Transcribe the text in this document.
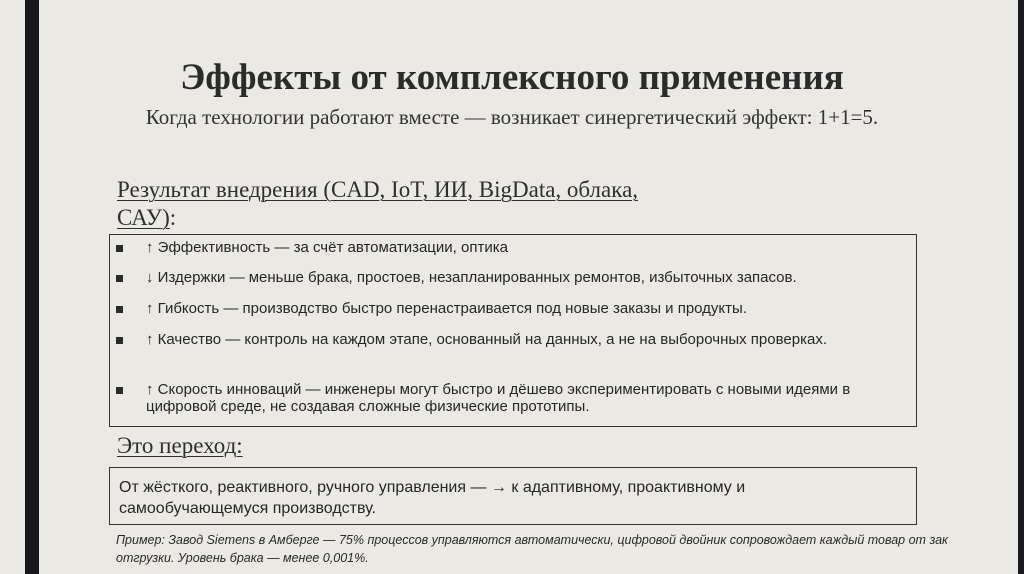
Эффекты от комплексного применения
Когда технологии работают вместе — возникает синергетический эффект: 1+1=5.
Результат внедрения (CAD, IoT, ИИ, BigData, облака,
САУ):
↑ Эффективность — за счёт автоматизации, оптика
↓ Издержки — меньше брака, простоев, незапланированных ремонтов, избыточных запасов.
↑ Гибкость — производство быстро перенастраивается под новые заказы и продукты.
↑ Качество — контроль на каждом этапе, основанный на данных, а не на выборочных проверках.
↑ Скорость инноваций — инженеры могут быстро и дёшево экспериментировать с новыми идеями в цифровой среде, не создавая сложные физические прототипы.
Это переход:
От жёсткого, реактивного, ручного управления — → к адаптивному, проактивному и самообучающемуся производству.
Пример: Завод Siemens в Амберге — 75% процессов управляются автоматически, цифровой двойник сопровождает каждый товар от зак
отгрузки. Уровень брака — менее 0,001%.
